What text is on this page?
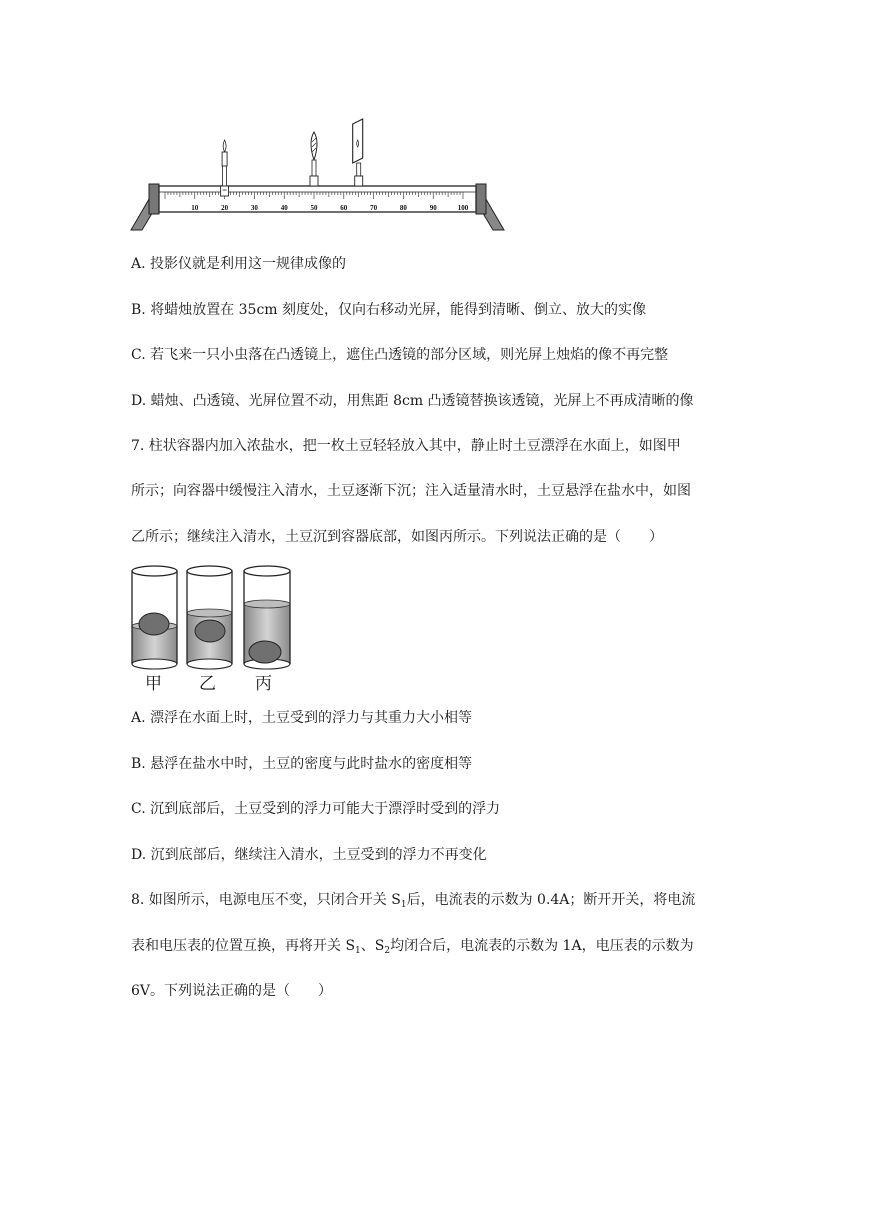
10	20	30	40	50	60	70	80	90	100
A. 投影仪就是利用这一规律成像的
B. 将蜡烛放置在 35cm 刻度处，仅向右移动光屏，能得到清晰、倒立、放大的实像
C. 若飞来一只小虫落在凸透镜上，遮住凸透镜的部分区域，则光屏上烛焰的像不再完整
D. 蜡烛、凸透镜、光屏位置不动，用焦距 8cm 凸透镜替换该透镜，光屏上不再成清晰的像
7. 柱状容器内加入浓盐水，把一枚土豆轻轻放入其中，静止时土豆漂浮在水面上，如图甲
所示；向容器中缓慢注入清水，土豆逐渐下沉；注入适量清水时，土豆悬浮在盐水中，如图
乙所示；继续注入清水，土豆沉到容器底部，如图丙所示。下列说法正确的是（　　）
甲 乙 丙
A. 漂浮在水面上时，土豆受到的浮力与其重力大小相等
B. 悬浮在盐水中时，土豆的密度与此时盐水的密度相等
C. 沉到底部后，土豆受到的浮力可能大于漂浮时受到的浮力
D. 沉到底部后，继续注入清水，土豆受到的浮力不再变化
8. 如图所示，电源电压不变，只闭合开关 $S_1$后，电流表的示数为 0.4A；断开开关，将电流
表和电压表的位置互换，再将开关 $S_1$、$S_2$均闭合后，电流表的示数为 1A，电压表的示数为
6V。下列说法正确的是（　　）
